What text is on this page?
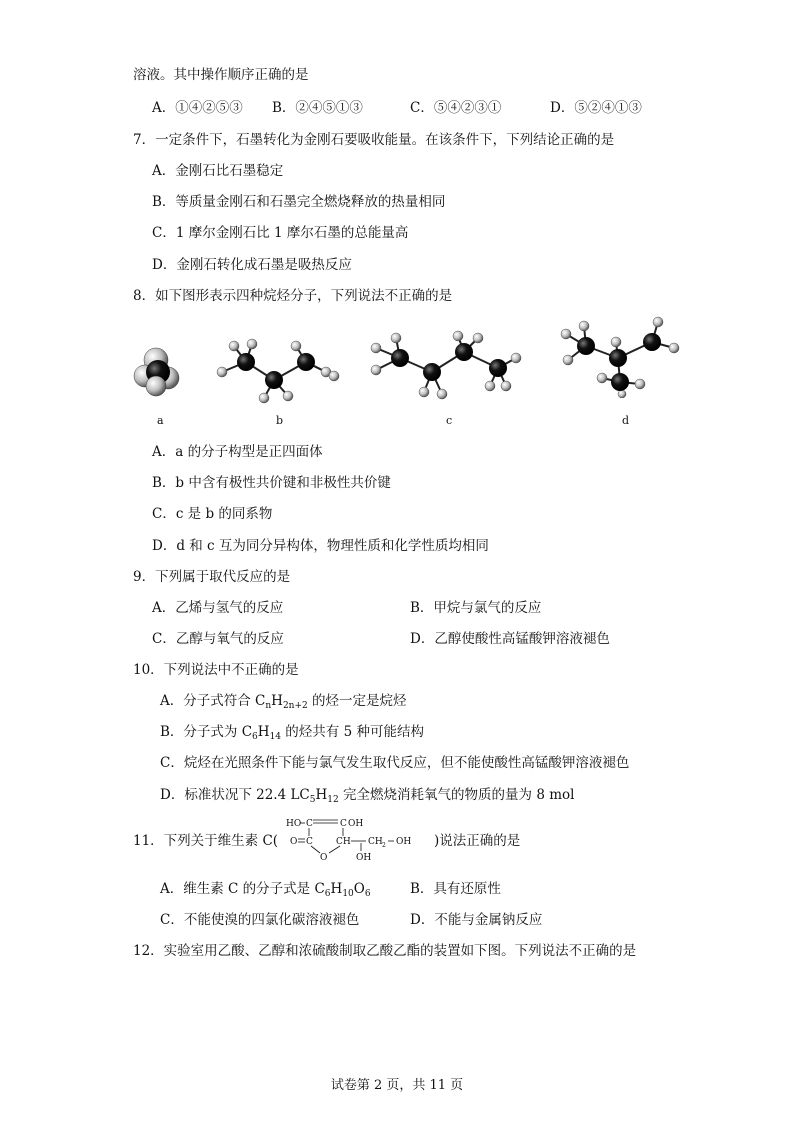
溶液。其中操作顺序正确的是
A．①④②⑤③ B．②④⑤①③	C．⑤④②③①	D．⑤②④①③
7．一定条件下，石墨转化为金刚石要吸收能量。在该条件下，下列结论正确的是
A．金刚石比石墨稳定
B．等质量金刚石和石墨完全燃烧释放的热量相同
C．1 摩尔金刚石比 1 摩尔石墨的总能量高
D．金刚石转化成石墨是吸热反应
8．如下图形表示四种烷烃分子，下列说法不正确的是
a	b	c	d
A．a 的分子构型是正四面体
B．b 中含有极性共价键和非极性共价键
C．c 是 b 的同系物
D．d 和 c 互为同分异构体，物理性质和化学性质均相同
9．下列属于取代反应的是
A．乙烯与氢气的反应	B．甲烷与氯气的反应
C．乙醇与氧气的反应	D．乙醇使酸性高锰酸钾溶液褪色
10．下列说法中不正确的是
A．分子式符合 $C_nH_{2n+2}$ 的烃一定是烷烃
B．分子式为 $C_6H_{14}$ 的烃共有 5 种可能结构
C．烷烃在光照条件下能与氯气发生取代反应，但不能使酸性高锰酸钾溶液褪色
D．标准状况下 22.4 $LC_5H_{12}$ 完全燃烧消耗氧气的物质的量为 8 mol
11．下列关于维生素 C(
HO C	C OH
O C	CH CH 2 OH
O	OH
)说法正确的是
A．维生素 C 的分子式是 $C_6H_{10}O_6$	B．具有还原性
C．不能使溴的四氯化碳溶液褪色	D．不能与金属钠反应
12．实验室用乙酸、乙醇和浓硫酸制取乙酸乙酯的装置如下图。下列说法不正确的是
试卷第 2 页，共 11 页
